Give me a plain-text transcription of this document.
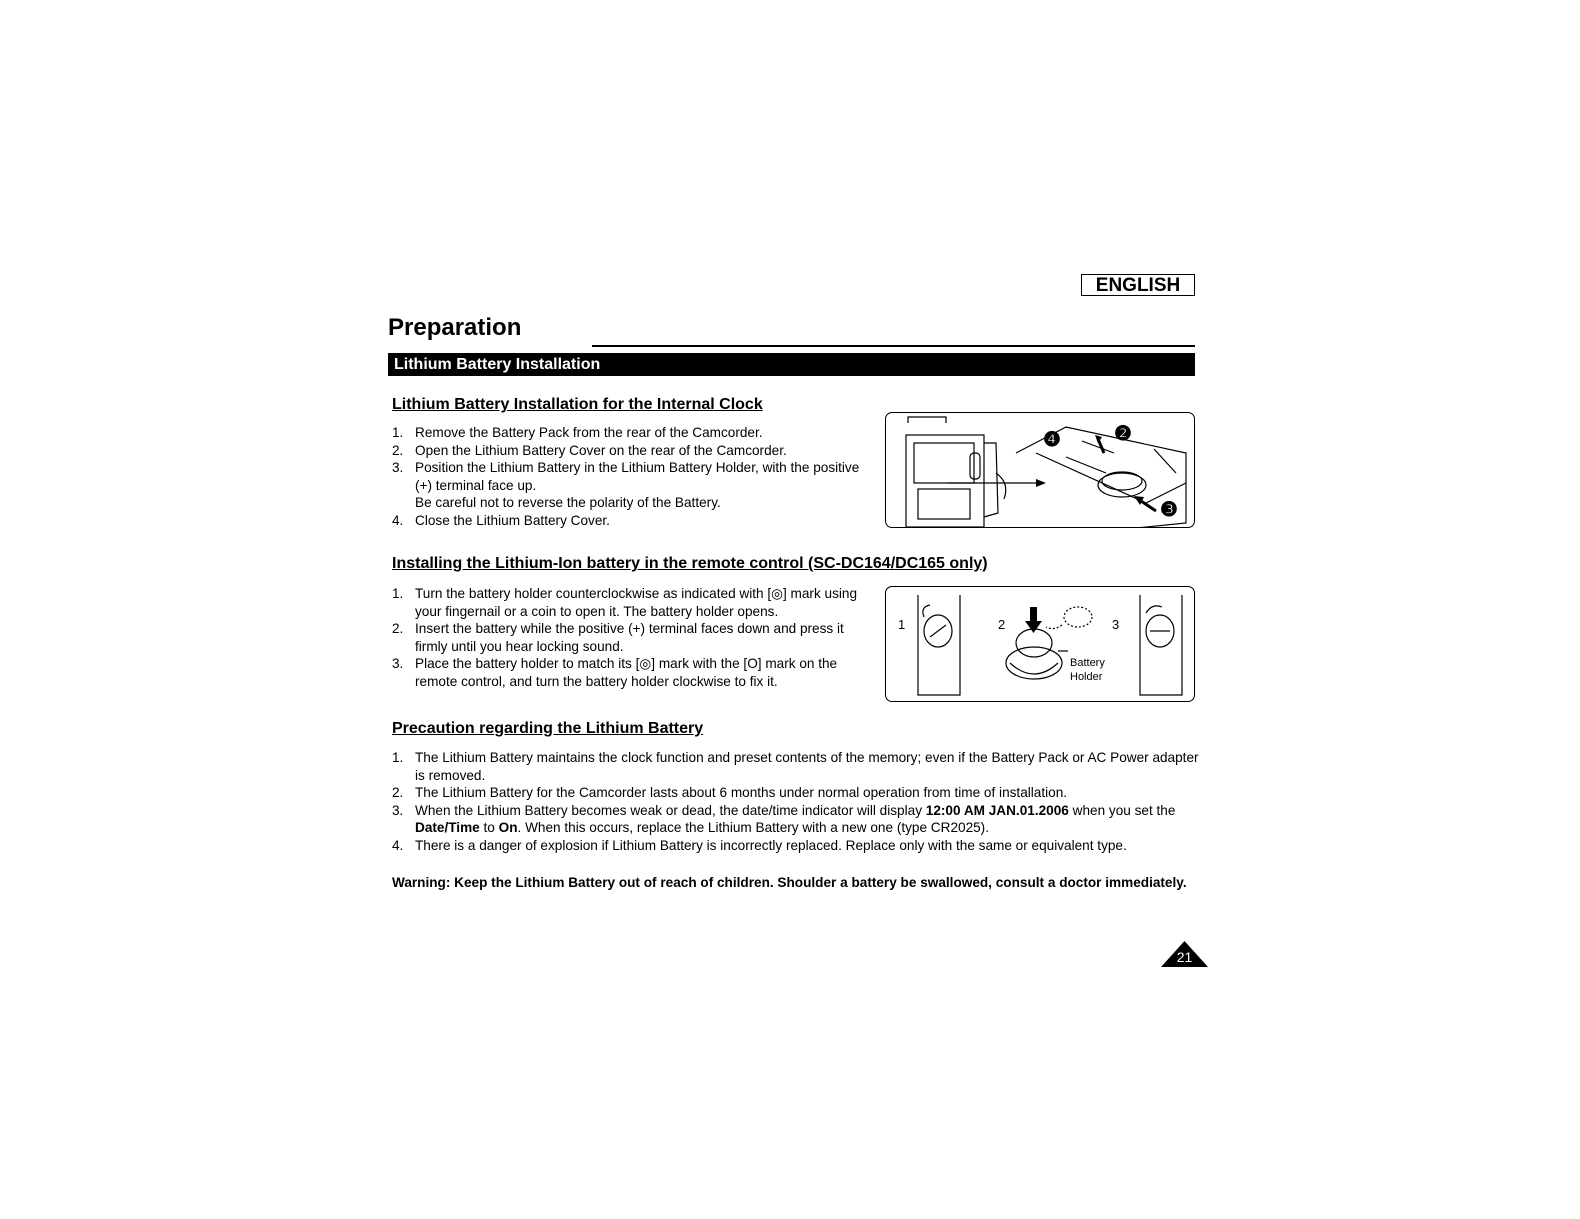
ENGLISH
Preparation
Lithium Battery Installation
Lithium Battery Installation for the Internal Clock
1. Remove the Battery Pack from the rear of the Camcorder.
2. Open the Lithium Battery Cover on the rear of the Camcorder.
3. Position the Lithium Battery in the Lithium Battery Holder, with the positive (+) terminal face up.
Be careful not to reverse the polarity of the Battery.
4. Close the Lithium Battery Cover.
❹	❷
❸
Installing the Lithium-Ion battery in the remote control (SC-DC164/DC165 only)
1. Turn the battery holder counterclockwise as indicated with [◎] mark using your fingernail or a coin to open it. The battery holder opens.
2. Insert the battery while the positive (+) terminal faces down and press it firmly until you hear locking sound.
3. Place the battery holder to match its [◎] mark with the [O] mark on the remote control, and turn the battery holder clockwise to fix it.
1	2	3
Battery
Holder
Precaution regarding the Lithium Battery
1. The Lithium Battery maintains the clock function and preset contents of the memory; even if the Battery Pack or AC Power adapter is removed.
2. The Lithium Battery for the Camcorder lasts about 6 months under normal operation from time of installation.
3. When the Lithium Battery becomes weak or dead, the date/time indicator will display 12:00 AM JAN.01.2006 when you set the Date/Time to On. When this occurs, replace the Lithium Battery with a new one (type CR2025).
4. There is a danger of explosion if Lithium Battery is incorrectly replaced. Replace only with the same or equivalent type.
Warning: Keep the Lithium Battery out of reach of children. Shoulder a battery be swallowed, consult a doctor immediately.
21
